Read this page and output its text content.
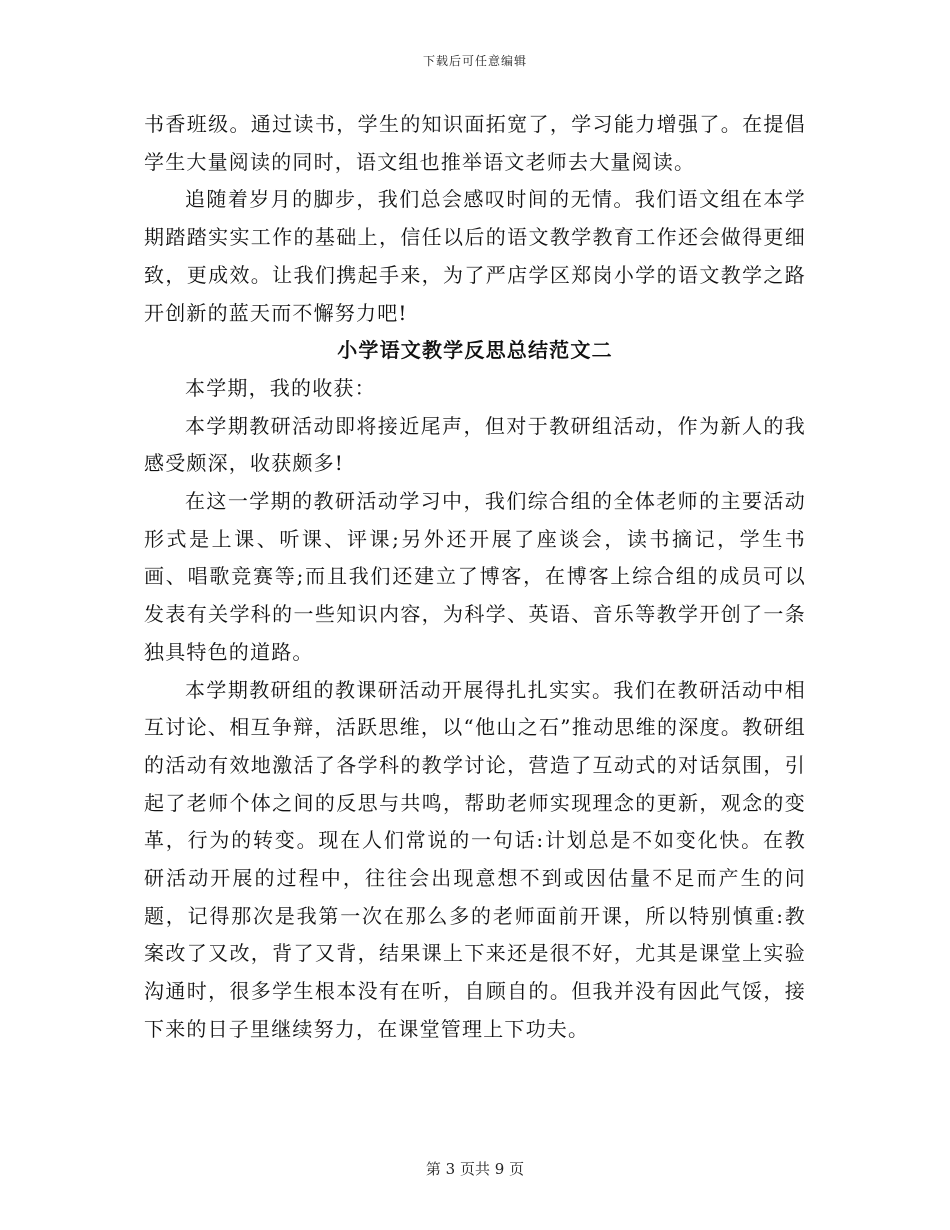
下载后可任意编辑

书香班级。通过读书，学生的知识面拓宽了，学习能力增强了。在提倡学生大量阅读的同时，语文组也推举语文老师去大量阅读。

追随着岁月的脚步，我们总会感叹时间的无情。我们语文组在本学期踏踏实实工作的基础上，信任以后的语文教学教育工作还会做得更细致，更成效。让我们携起手来，为了严店学区郑岗小学的语文教学之路开创新的蓝天而不懈努力吧!

小学语文教学反思总结范文二

本学期，我的收获：

本学期教研活动即将接近尾声，但对于教研组活动，作为新人的我感受颇深，收获颇多!

在这一学期的教研活动学习中，我们综合组的全体老师的主要活动形式是上课、听课、评课;另外还开展了座谈会，读书摘记，学生书画、唱歌竞赛等;而且我们还建立了博客，在博客上综合组的成员可以发表有关学科的一些知识内容，为科学、英语、音乐等教学开创了一条独具特色的道路。

本学期教研组的教课研活动开展得扎扎实实。我们在教研活动中相互讨论、相互争辩，活跃思维，以“他山之石”推动思维的深度。教研组的活动有效地激活了各学科的教学讨论，营造了互动式的对话氛围，引起了老师个体之间的反思与共鸣，帮助老师实现理念的更新，观念的变革，行为的转变。现在人们常说的一句话:计划总是不如变化快。在教研活动开展的过程中，往往会出现意想不到或因估量不足而产生的问题，记得那次是我第一次在那么多的老师面前开课，所以特别慎重:教案改了又改，背了又背，结果课上下来还是很不好，尤其是课堂上实验沟通时，很多学生根本没有在听，自顾自的。但我并没有因此气馁，接下来的日子里继续努力，在课堂管理上下功夫。

第 3 页共 9 页
